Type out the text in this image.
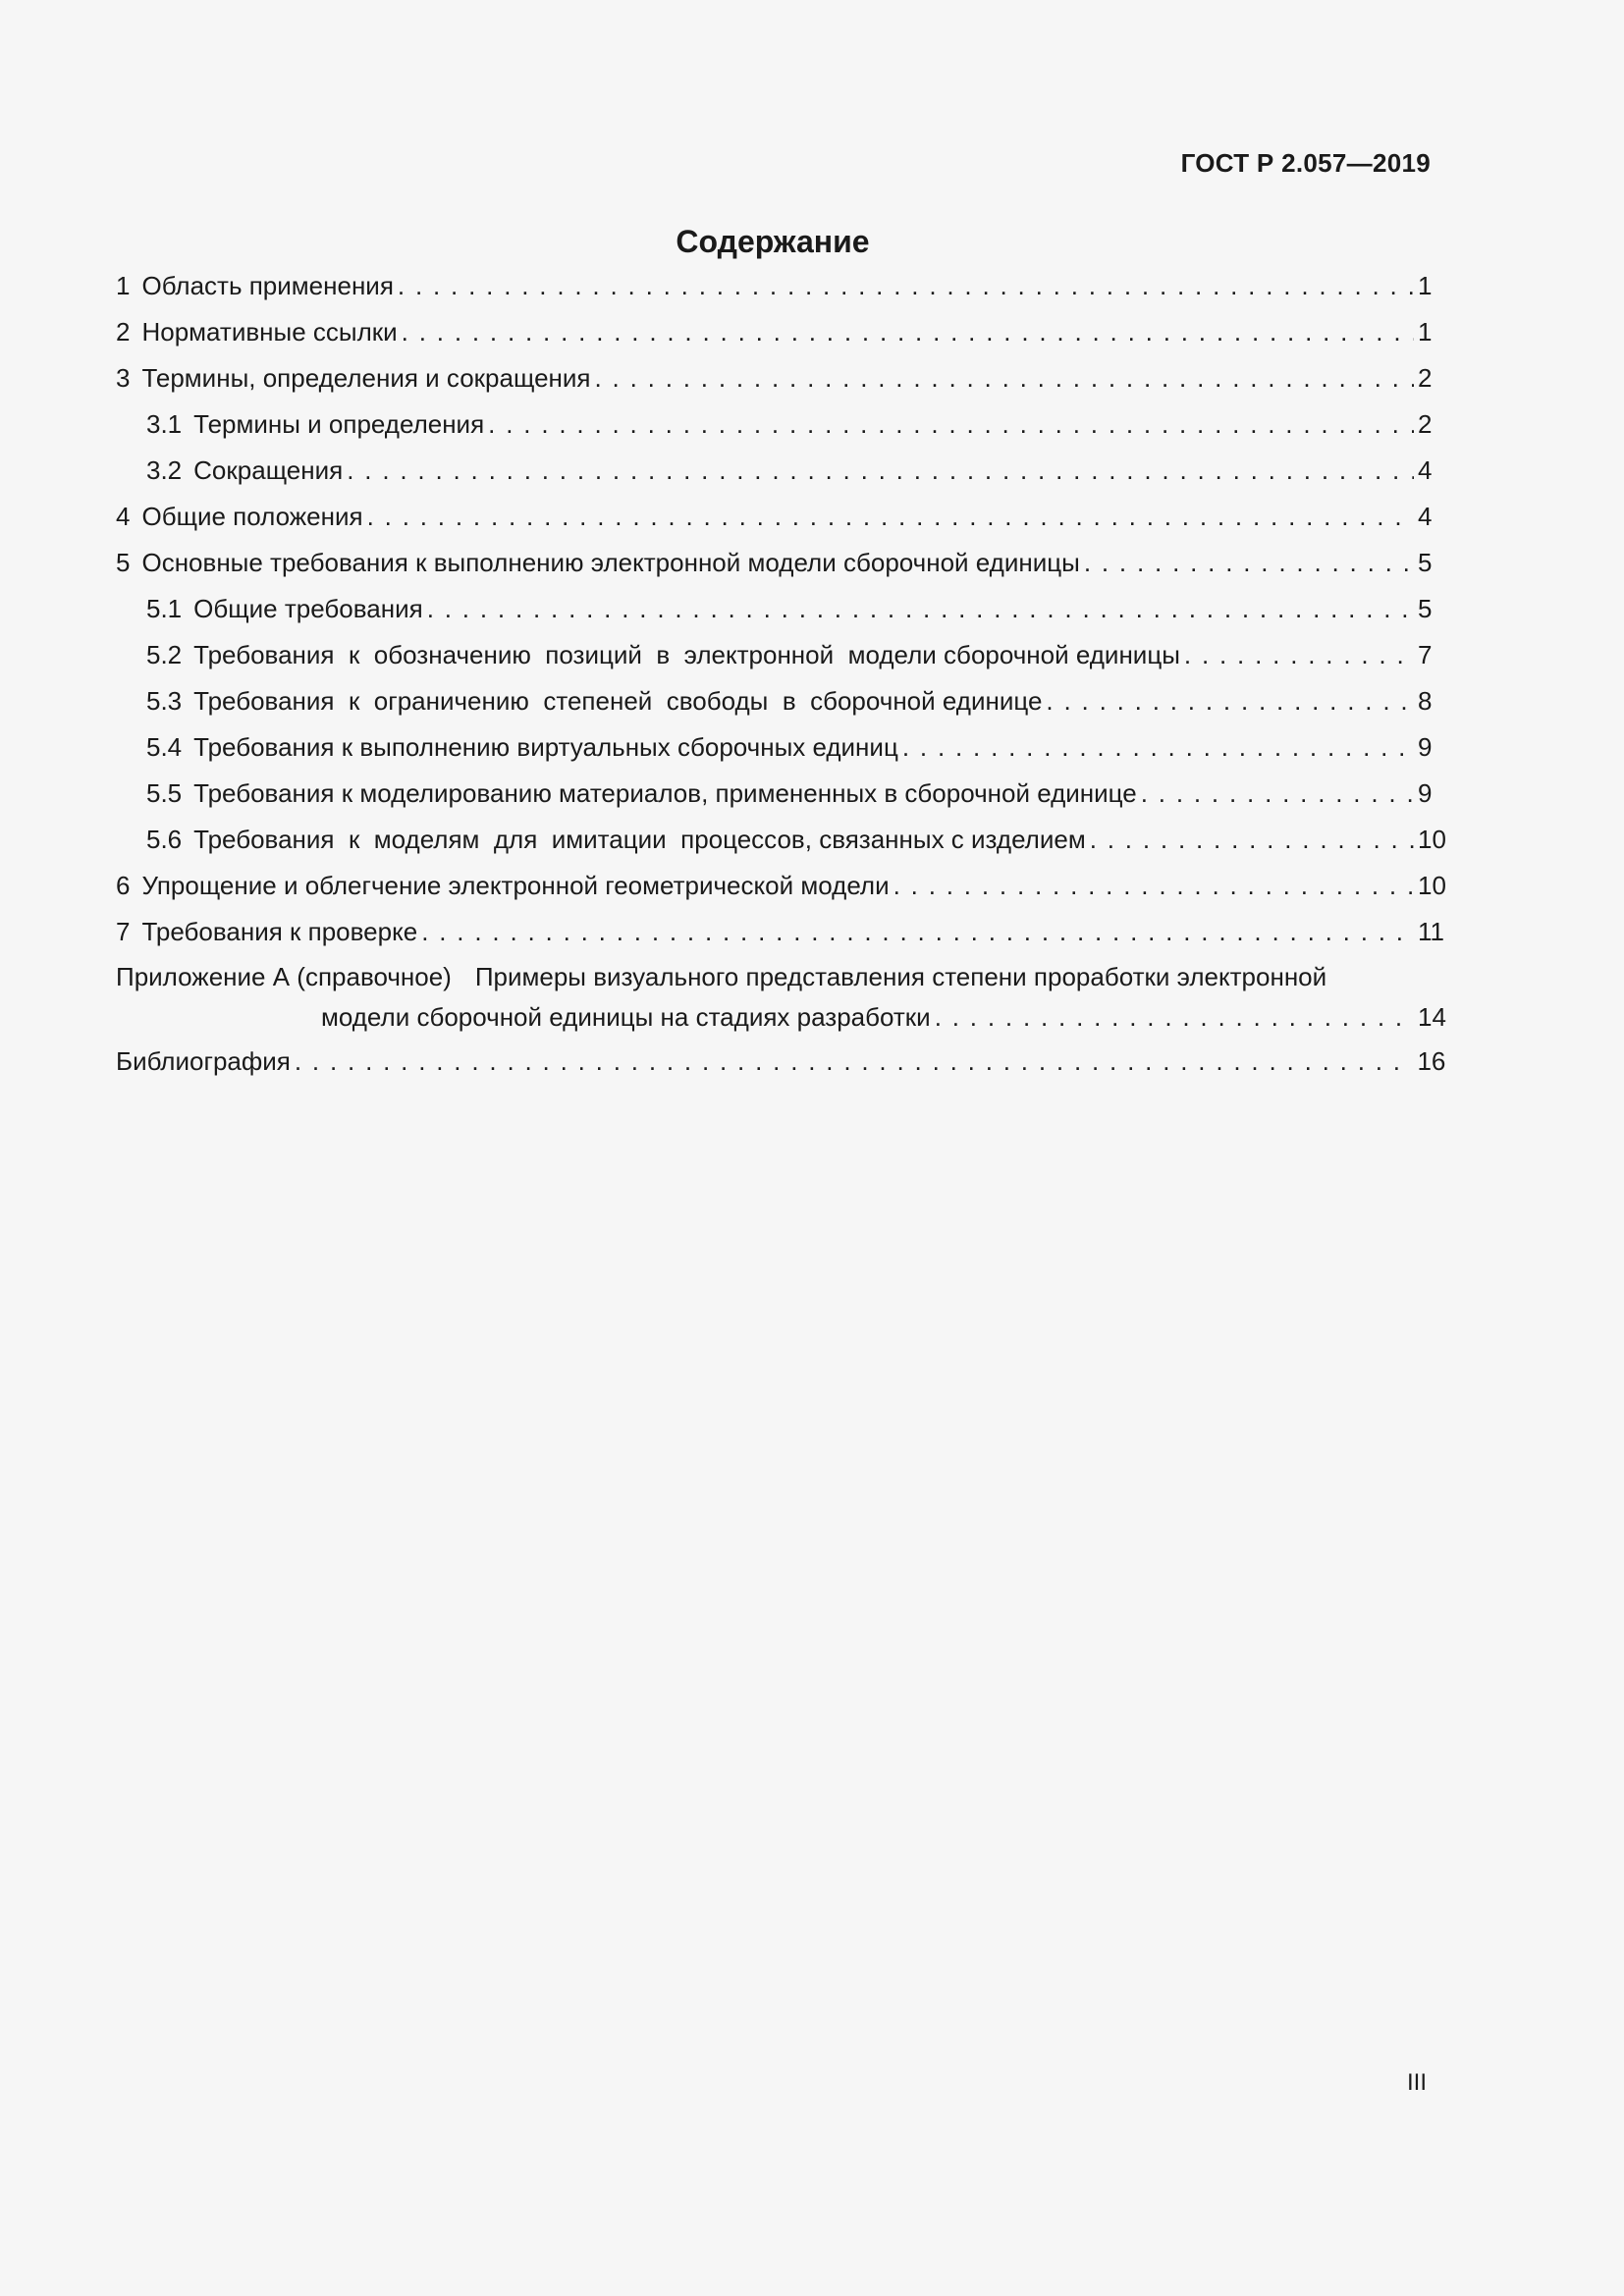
ГОСТ Р 2.057—2019
Содержание
1 Область применения . . .	1
2 Нормативные ссылки . . .	1
3 Термины, определения и сокращения . . .	2
3.1 Термины и определения . . .	2
3.2 Сокращения . . .	4
4 Общие положения . . .	4
5 Основные требования к выполнению электронной модели сборочной единицы . . .	5
5.1 Общие требования . . .	5
5.2 Требования  к  обозначению  позиций  в  электронной  модели сборочной единицы . . .	7
5.3 Требования  к  ограничению  степеней  свободы  в  сборочной единице . . .	8
5.4 Требования к выполнению виртуальных сборочных единиц . . .	9
5.5 Требования к моделированию материалов, примененных в сборочной единице . . .	9
5.6 Требования  к  моделям  для  имитации  процессов, связанных с изделием . . .	10
6 Упрощение и облегчение электронной геометрической модели . . .	10
7 Требования к проверке . . .	11
Приложение А (справочное) Примеры визуального представления степени проработки электронной
модели сборочной единицы на стадиях разработки . . .	14
Библиография . . .	16
III
